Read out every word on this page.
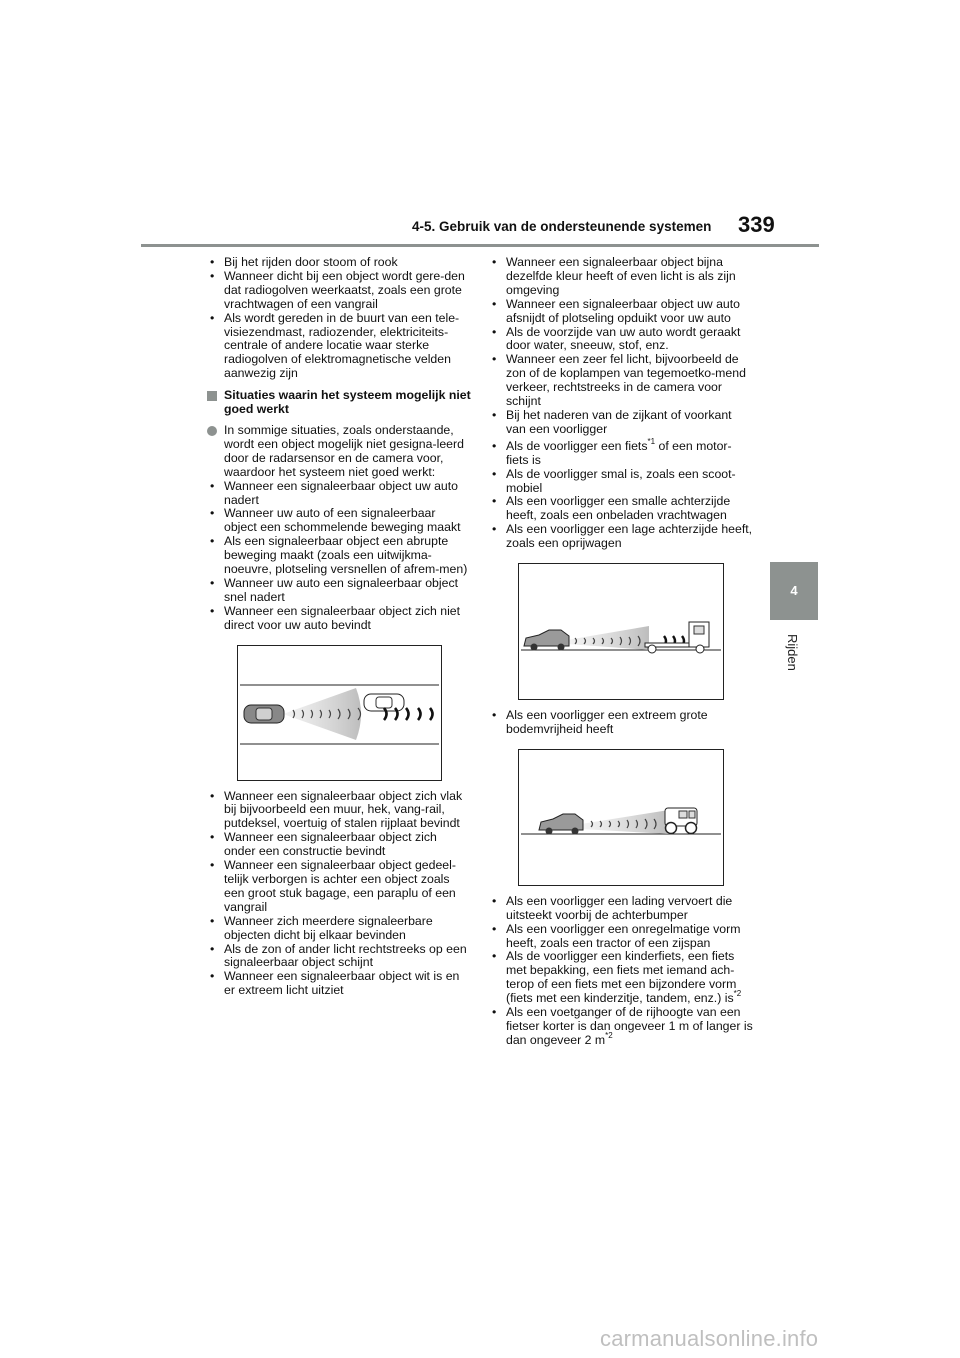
4-5. Gebruik van de ondersteunende systemen 339
4
Rijden

• Bij het rijden door stoom of rook

• Wanneer dicht bij een object wordt gere-den dat radiogolven weerkaatst, zoals een grote vrachtwagen of een vangrail

• Als wordt gereden in de buurt van een tele-visiezendmast, radiozender, elektriciteits-centrale of andere locatie waar sterke radiogolven of elektromagnetische velden aanwezig zijn

Situaties waarin het systeem mogelijk niet goed werkt

In sommige situaties, zoals onderstaande, wordt een object mogelijk niet gesigna-leerd door de radarsensor en de camera voor, waardoor het systeem niet goed werkt:

• Wanneer een signaleerbaar object uw auto nadert

• Wanneer uw auto of een signaleerbaar object een schommelende beweging maakt

• Als een signaleerbaar object een abrupte beweging maakt (zoals een uitwijkma-noeuvre, plotseling versnellen of afrem-men)

• Wanneer uw auto een signaleerbaar object snel nadert

• Wanneer een signaleerbaar object zich niet direct voor uw auto bevindt

• Wanneer een signaleerbaar object zich vlak bij bijvoorbeeld een muur, hek, vang-rail, putdeksel, voertuig of stalen rijplaat bevindt

• Wanneer een signaleerbaar object zich onder een constructie bevindt

• Wanneer een signaleerbaar object gedeel-telijk verborgen is achter een object zoals een groot stuk bagage, een paraplu of een vangrail

• Wanneer zich meerdere signaleerbare objecten dicht bij elkaar bevinden

• Als de zon of ander licht rechtstreeks op een signaleerbaar object schijnt

• Wanneer een signaleerbaar object wit is en er extreem licht uitziet

• Wanneer een signaleerbaar object bijna dezelfde kleur heeft of even licht is als zijn omgeving

• Wanneer een signaleerbaar object uw auto afsnijdt of plotseling opduikt voor uw auto

• Als de voorzijde van uw auto wordt geraakt door water, sneeuw, stof, enz.

• Wanneer een zeer fel licht, bijvoorbeeld de zon of de koplampen van tegemoetko-mend verkeer, rechtstreeks in de camera voor schijnt

• Bij het naderen van de zijkant of voorkant van een voorligger

• Als de voorligger een fiets$^{*1}$ of een motor-fiets is

• Als de voorligger smal is, zoals een scoot-mobiel

• Als een voorligger een smalle achterzijde heeft, zoals een onbeladen vrachtwagen

• Als een voorligger een lage achterzijde heeft, zoals een oprijwagen

• Als een voorligger een extreem grote bodemvrijheid heeft

• Als een voorligger een lading vervoert die uitsteekt voorbij de achterbumper

• Als een voorligger een onregelmatige vorm heeft, zoals een tractor of een zijspan

• Als de voorligger een kinderfiets, een fiets met bepakking, een fiets met iemand ach-terop of een fiets met een bijzondere vorm (fiets met een kinderzitje, tandem, enz.) $is^{*2}$

• Als een voetganger of de rijhoogte van een fietser korter is dan ongeveer 1 m of langer is dan ongeveer 2 $m^{*2}$

carmanualsonline.info
